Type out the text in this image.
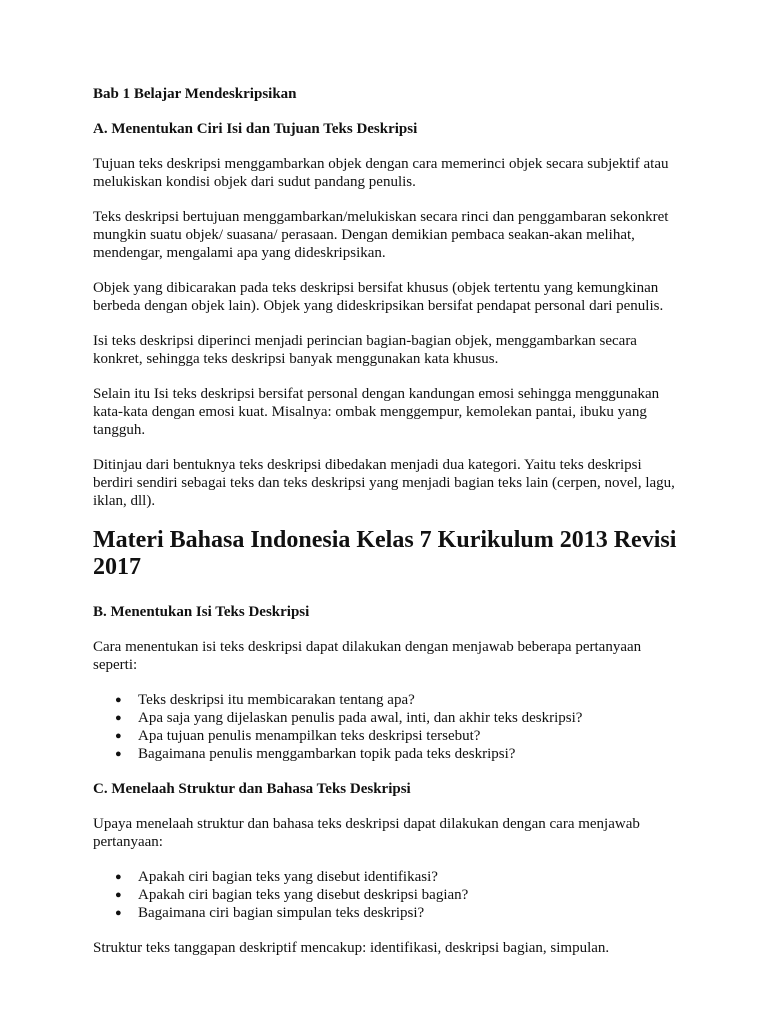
Bab 1 Belajar Mendeskripsikan

A. Menentukan Ciri Isi dan Tujuan Teks Deskripsi

Tujuan teks deskripsi menggambarkan objek dengan cara memerinci objek secara subjektif atau melukiskan kondisi objek dari sudut pandang penulis.

Teks deskripsi bertujuan menggambarkan/melukiskan secara rinci dan penggambaran sekonkret mungkin suatu objek/ suasana/ perasaan. Dengan demikian pembaca seakan-akan melihat, mendengar, mengalami apa yang dideskripsikan.

Objek yang dibicarakan pada teks deskripsi bersifat khusus (objek tertentu yang kemungkinan berbeda dengan objek lain). Objek yang dideskripsikan bersifat pendapat personal dari penulis.

Isi teks deskripsi diperinci menjadi perincian bagian-bagian objek, menggambarkan secara konkret, sehingga teks deskripsi banyak menggunakan kata khusus.

Selain itu Isi teks deskripsi bersifat personal dengan kandungan emosi sehingga menggunakan kata-kata dengan emosi kuat. Misalnya: ombak menggempur, kemolekan pantai, ibuku yang tangguh.

Ditinjau dari bentuknya teks deskripsi dibedakan menjadi dua kategori. Yaitu teks deskripsi berdiri sendiri sebagai teks dan teks deskripsi yang menjadi bagian teks lain (cerpen, novel, lagu, iklan, dll).

Materi Bahasa Indonesia Kelas 7 Kurikulum 2013 Revisi 2017
B. Menentukan Isi Teks Deskripsi

Cara menentukan isi teks deskripsi dapat dilakukan dengan menjawab beberapa pertanyaan seperti:

● Teks deskripsi itu membicarakan tentang apa?
● Apa saja yang dijelaskan penulis pada awal, inti, dan akhir teks deskripsi?
● Apa tujuan penulis menampilkan teks deskripsi tersebut?
● Bagaimana penulis menggambarkan topik pada teks deskripsi?
C. Menelaah Struktur dan Bahasa Teks Deskripsi

Upaya menelaah struktur dan bahasa teks deskripsi dapat dilakukan dengan cara menjawab pertanyaan:

● Apakah ciri bagian teks yang disebut identifikasi?
● Apakah ciri bagian teks yang disebut deskripsi bagian?
● Bagaimana ciri bagian simpulan teks deskripsi?

Struktur teks tanggapan deskriptif mencakup: identifikasi, deskripsi bagian, simpulan.
